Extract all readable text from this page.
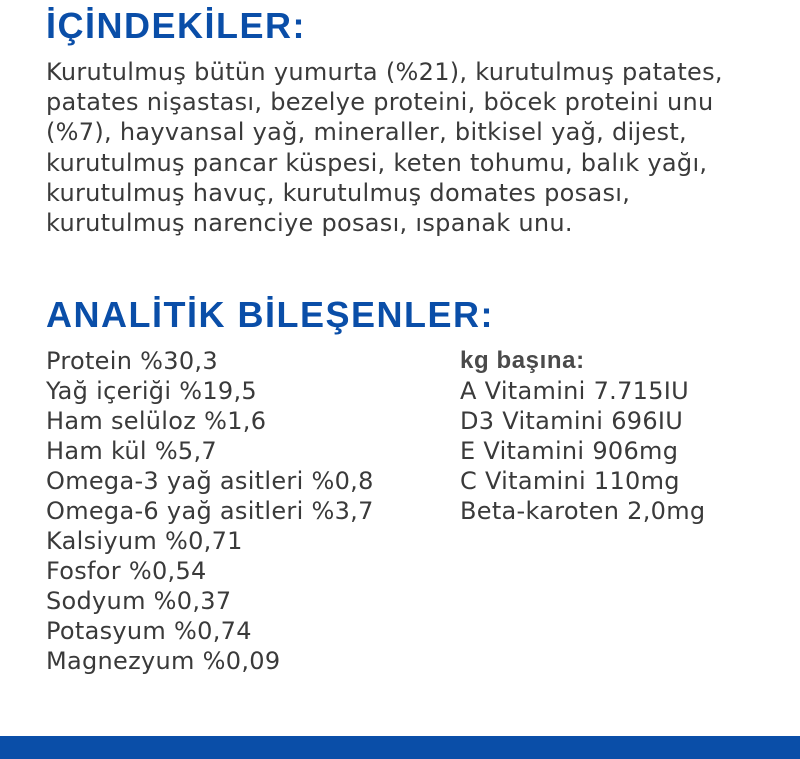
İÇİNDEKİLER:

Kurutulmuş bütün yumurta (%21), kurutulmuş patates, patates nişastası, bezelye proteini, böcek proteini unu (%7), hayvansal yağ, mineraller, bitkisel yağ, dijest, kurutulmuş pancar küspesi, keten tohumu, balık yağı, kurutulmuş havuç, kurutulmuş domates posası, kurutulmuş narenciye posası, ıspanak unu.

ANALİTİK BİLEŞENLER:
Protein %30,3
Yağ içeriği %19,5
Ham selüloz %1,6
Ham kül %5,7
Omega-3 yağ asitleri %0,8
Omega-6 yağ asitleri %3,7
Kalsiyum %0,71
Fosfor %0,54
Sodyum %0,37
Potasyum %0,74
Magnezyum %0,09
kg başına:
A Vitamini 7.715IU
D3 Vitamini 696IU
E Vitamini 906mg
C Vitamini 110mg
Beta-karoten 2,0mg
